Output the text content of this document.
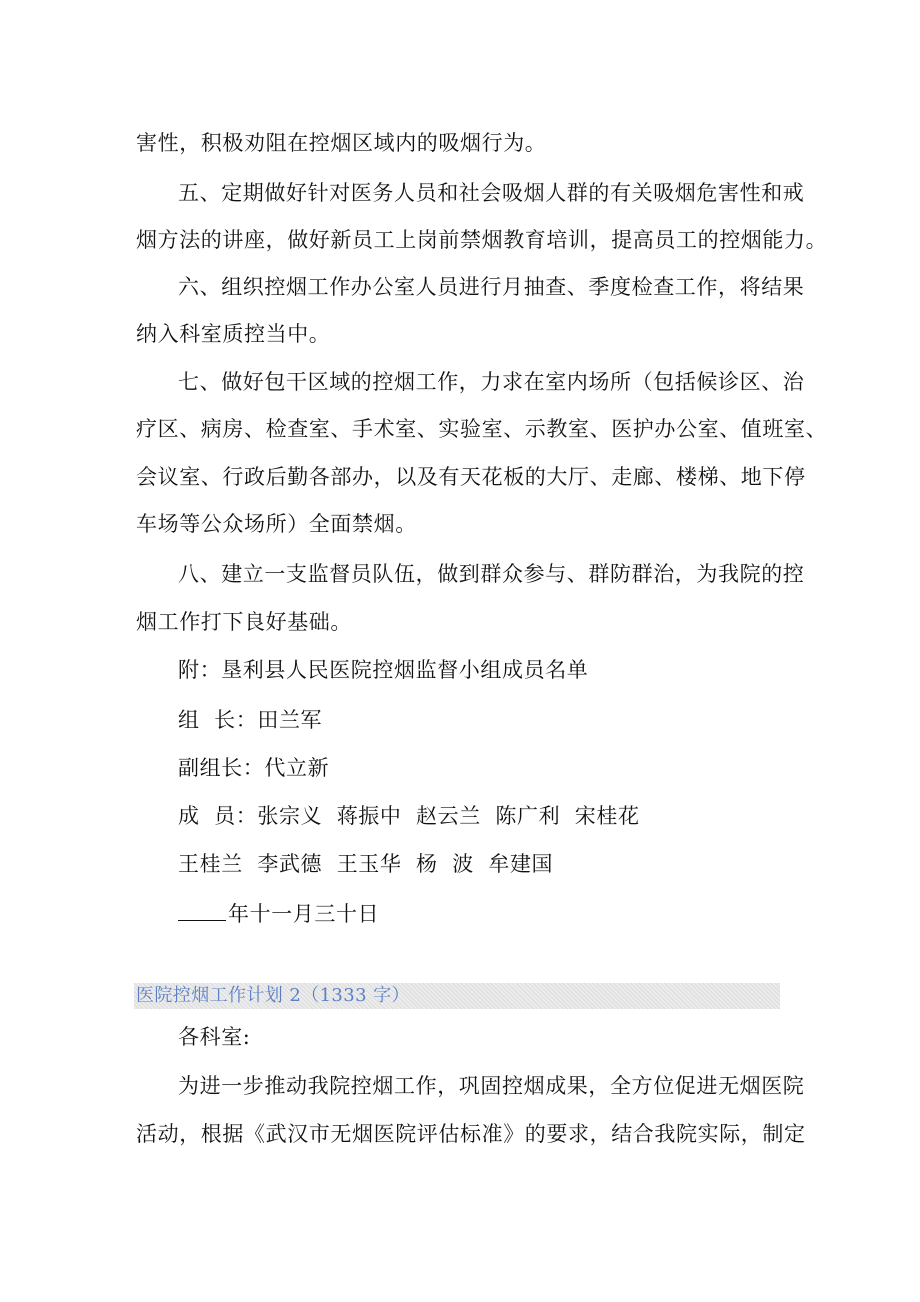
害性，积极劝阻在控烟区域内的吸烟行为。
五、定期做好针对医务人员和社会吸烟人群的有关吸烟危害性和戒
烟方法的讲座，做好新员工上岗前禁烟教育培训，提高员工的控烟能力。
六、组织控烟工作办公室人员进行月抽查、季度检查工作，将结果
纳入科室质控当中。
七、做好包干区域的控烟工作，力求在室内场所（包括候诊区、治
疗区、病房、检查室、手术室、实验室、示教室、医护办公室、值班室、
会议室、行政后勤各部办，以及有天花板的大厅、走廊、楼梯、地下停
车场等公众场所）全面禁烟。
八、建立一支监督员队伍，做到群众参与、群防群治，为我院的控
烟工作打下良好基础。
附：垦利县人民医院控烟监督小组成员名单
组  长：田兰军
副组长：代立新
成  员：张宗义  蒋振中  赵云兰  陈广利  宋桂花
王桂兰  李武德  王玉华  杨  波  牟建国
年十一月三十日
医院控烟工作计划 2（1333 字）
各科室:
为进一步推动我院控烟工作，巩固控烟成果，全方位促进无烟医院
活动，根据《武汉市无烟医院评估标准》的要求，结合我院实际，制定
